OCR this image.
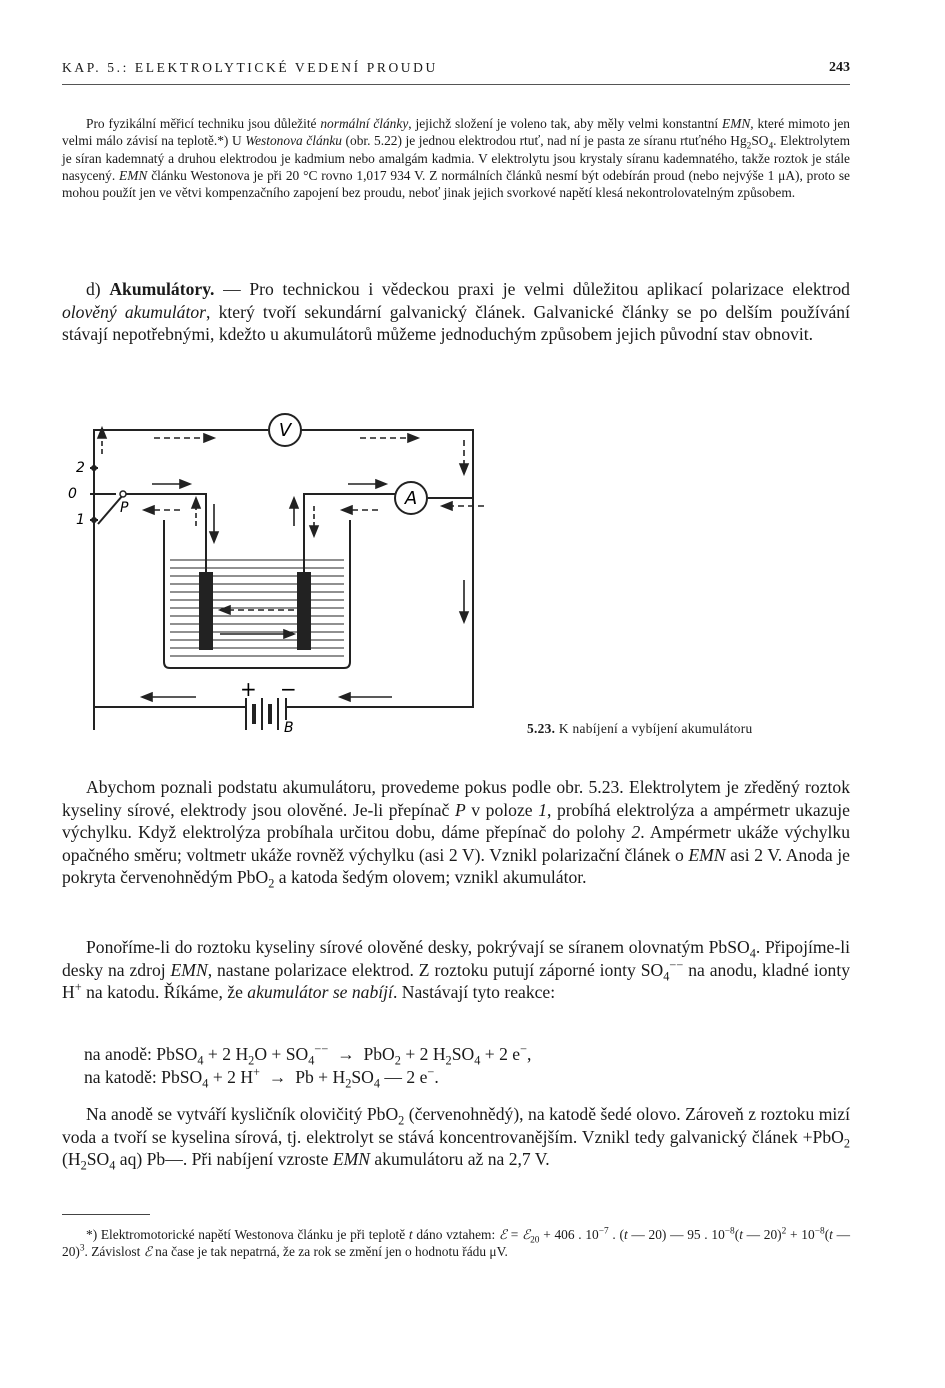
KAP. 5.: ELEKTROLYTICKÉ VEDENÍ PROUDU	243

Pro fyzikální měřicí techniku jsou důležité normální články, jejichž složení je voleno tak, aby měly velmi konstantní EMN, které mimoto jen velmi málo závisí na teplotě.*) U Westonova článku (obr. 5.22) je jednou elektrodou rtuť, nad ní je pasta ze síranu rtuťného $Hg_2SO_4$. Elektrolytem je síran kademnatý a druhou elektrodou je kadmium nebo amalgám kadmia. V elektrolytu jsou krystaly síranu kademnatého, takže roztok je stále nasycený. EMN článku Westonova je při 20 °C rovno 1,017 934 V. Z normálních článků nesmí být odebírán proud (nebo nejvýše 1 μA), proto se mohou použít jen ve větvi kompenzačního zapojení bez proudu, neboť jinak jejich svorkové napětí klesá nekontrolovatelným způsobem.

d) Akumulátory. — Pro technickou i vědeckou praxi je velmi důležitou aplikací polarizace elektrod olověný akumulátor, který tvoří sekundární galvanický článek. Galvanické články se po delším používání stávají nepotřebnými, kdežto u akumulátorů můžeme jednoduchým způsobem jejich původní stav obnovit.

V
A
+ −
B
2
0
1
P
5.23. K nabíjení a vybíjení akumulátoru

Abychom poznali podstatu akumulátoru, provedeme pokus podle obr. 5.23. Elektrolytem je zředěný roztok kyseliny sírové, elektrody jsou olověné. Je-li přepínač P v poloze 1, probíhá elektrolýza a ampérmetr ukazuje výchylku. Když elektrolýza probíhala určitou dobu, dáme přepínač do polohy 2. Ampérmetr ukáže výchylku opačného směru; voltmetr ukáže rovněž výchylku (asi 2 V). Vznikl polarizační článek o EMN asi 2 V. Anoda je pokryta červenohnědým PbO$_2$ a katoda šedým olovem; vznikl akumulátor.

Ponoříme-li do roztoku kyseliny sírové olověné desky, pokrývají se síranem olovnatým PbSO$_4$. Připojíme-li desky na zdroj EMN, nastane polarizace elektrod. Z roztoku putují záporné ionty $SO_4^{--}$ na anodu, kladné ionty H+ na katodu. Říkáme, že akumulátor se nabíjí. Nastávají tyto reakce:

na anodě: PbSO$_4$ + 2 $H_2O + SO_4^{--} \to PbO_2 + 2$ $H_2SO_4 + 2$ e−,
na katodě: PbSO$_4$ + 2 $H^+ \to Pb + H_2SO_4$ — 2 e−.

Na anodě se vytváří kysličník olovičitý PbO$_2$ (červenohnědý), na katodě šedé olovo. Zároveň z roztoku mizí voda a tvoří se kyselina sírová, tj. elektrolyt se stává koncentrovanějším. Vznikl tedy galvanický článek +PbO$_2$ ($H_2SO_4$ aq) Pb—. Při nabíjení vzroste EMN akumulátoru až na 2,7 V.

*) Elektromotorické napětí Westonova článku je při teplotě t dáno vztahem: ℰ = ℰ$_{20}$ + 406 . $10^{-7}$ . (t — 20) — 95 . $10^{-8}(t$ — $20)^2 + 10^{-8}(t$ — 20)$^3$. Závislost ℰ na čase je tak nepatrná, že za rok se změní jen o hodnotu řádu μV.
